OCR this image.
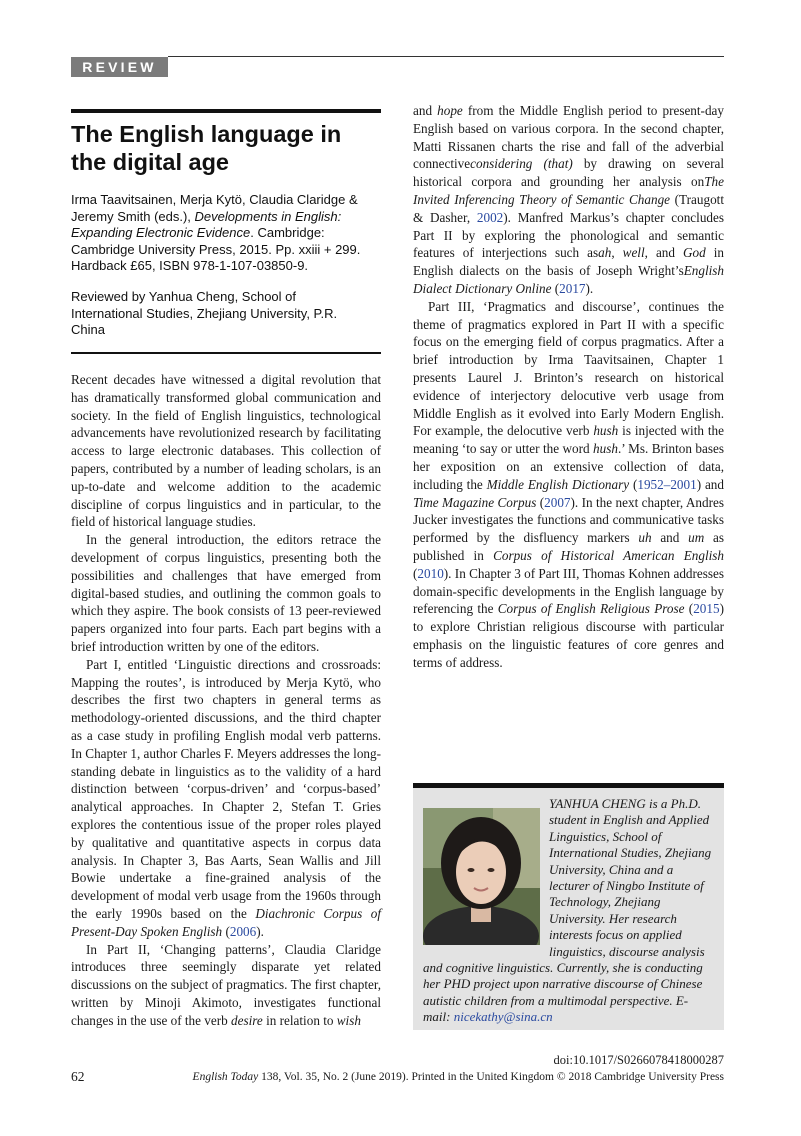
REVIEW
The English language in the digital age
Irma Taavitsainen, Merja Kytö, Claudia Claridge & Jeremy Smith (eds.), Developments in English: Expanding Electronic Evidence. Cambridge: Cambridge University Press, 2015. Pp. xxiii + 299. Hardback £65, ISBN 978-1-107-03850-9.
Reviewed by Yanhua Cheng, School of International Studies, Zhejiang University, P.R. China

Recent decades have witnessed a digital revolution that has dramatically transformed global communication and society. In the field of English linguistics, technological advancements have revolutionized research by facilitating access to large electronic databases. This collection of papers, contributed by a number of leading scholars, is an up-to-date and welcome addition to the academic discipline of corpus linguistics and in particular, to the field of historical language studies.

In the general introduction, the editors retrace the development of corpus linguistics, presenting both the possibilities and challenges that have emerged from digital-based studies, and outlining the common goals to which they aspire. The book consists of 13 peer-reviewed papers organized into four parts. Each part begins with a brief introduction written by one of the editors.

Part I, entitled ‘Linguistic directions and crossroads: Mapping the routes’, is introduced by Merja Kytö, who describes the first two chapters in general terms as methodology-oriented discussions, and the third chapter as a case study in profiling English modal verb patterns. In Chapter 1, author Charles F. Meyers addresses the long-standing debate in linguistics as to the validity of a hard distinction between ‘corpus-driven’ and ‘corpus-based’ analytical approaches. In Chapter 2, Stefan T. Gries explores the contentious issue of the proper roles played by qualitative and quantitative aspects in corpus data analysis. In Chapter 3, Bas Aarts, Sean Wallis and Jill Bowie undertake a fine-grained analysis of the development of modal verb usage from the 1960s through the early 1990s based on the Diachronic Corpus of Present-Day Spoken English (2006).

In Part II, ‘Changing patterns’, Claudia Claridge introduces three seemingly disparate yet related discussions on the subject of pragmatics. The first chapter, written by Minoji Akimoto, investigates functional changes in the use of the verb desire in relation to wish

and hope from the Middle English period to present-day English based on various corpora. In the second chapter, Matti Rissanen charts the rise and fall of the adverbial connectiveconsidering (that) by drawing on several historical corpora and grounding her analysis onThe Invited Inferencing Theory of Semantic Change (Traugott & Dasher, 2002). Manfred Markus’s chapter concludes Part II by exploring the phonological and semantic features of interjections such asah, well, and God in English dialects on the basis of Joseph Wright’sEnglish Dialect Dictionary Online (2017).

Part III, ‘Pragmatics and discourse’, continues the theme of pragmatics explored in Part II with a specific focus on the emerging field of corpus pragmatics. After a brief introduction by Irma Taavitsainen, Chapter 1 presents Laurel J. Brinton’s research on historical evidence of interjectory delocutive verb usage from Middle English as it evolved into Early Modern English. For example, the delocutive verb hush is injected with the meaning ‘to say or utter the word hush.’ Ms. Brinton bases her exposition on an extensive collection of data, including the Middle English Dictionary (1952–2001) and Time Magazine Corpus (2007). In the next chapter, Andres Jucker investigates the functions and communicative tasks performed by the disfluency markers uh and um as published in Corpus of Historical American English (2010). In Chapter 3 of Part III, Thomas Kohnen addresses domain-specific developments in the English language by referencing the Corpus of English Religious Prose (2015) to explore Christian religious discourse with particular emphasis on the linguistic features of core genres and terms of address.

YANHUA CHENG is a Ph.D. student in English and Applied Linguistics, School of International Studies, Zhejiang University, China and a lecturer of Ningbo Institute of Technology, Zhejiang University. Her research interests focus on applied linguistics, discourse analysis and cognitive linguistics. Currently, she is conducting her PHD project upon narrative discourse of Chinese autistic children from a multimodal perspective. E-mail: nicekathy@sina.cn
doi:10.1017/S0266078418000287
62	English Today 138, Vol. 35, No. 2 (June 2019). Printed in the United Kingdom © 2018 Cambridge University Press
